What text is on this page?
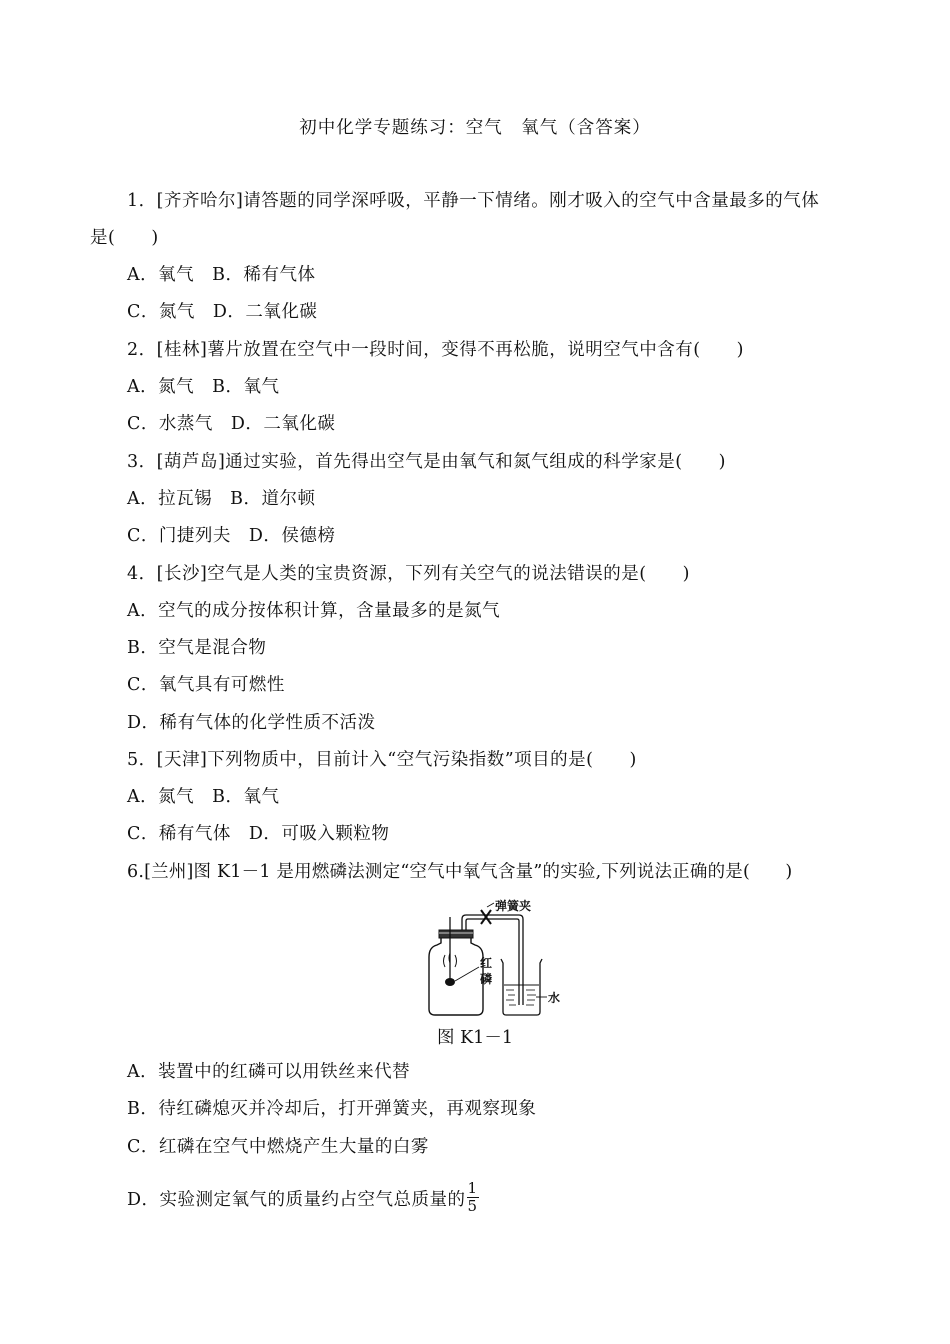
初中化学专题练习：空气　氧气（含答案）
1．[齐齐哈尔]请答题的同学深呼吸，平静一下情绪。刚才吸入的空气中含量最多的气体
是(　　)
A．氧气　B．稀有气体
C．氮气　D．二氧化碳
2．[桂林]薯片放置在空气中一段时间，变得不再松脆，说明空气中含有(　　)
A．氮气　B．氧气
C．水蒸气　D．二氧化碳
3．[葫芦岛]通过实验，首先得出空气是由氧气和氮气组成的科学家是(　　)
A．拉瓦锡　B．道尔顿
C．门捷列夫　D．侯德榜
4．[长沙]空气是人类的宝贵资源，下列有关空气的说法错误的是(　　)
A．空气的成分按体积计算，含量最多的是氮气
B．空气是混合物
C．氧气具有可燃性
D．稀有气体的化学性质不活泼
5．[天津]下列物质中，目前计入“空气污染指数”项目的是(　　)
A．氮气　B．氧气
C．稀有气体　D．可吸入颗粒物
6.[兰州]图 K1－1 是用燃磷法测定“空气中氧气含量”的实验,下列说法正确的是(　　)
弹簧夹
红
磷
水
图 K1－1
A．装置中的红磷可以用铁丝来代替
B．待红磷熄灭并冷却后，打开弹簧夹，再观察现象
C．红磷在空气中燃烧产生大量的白雾
D．实验测定氧气的质量约占空气总质量的 $\frac{1}{5}$
